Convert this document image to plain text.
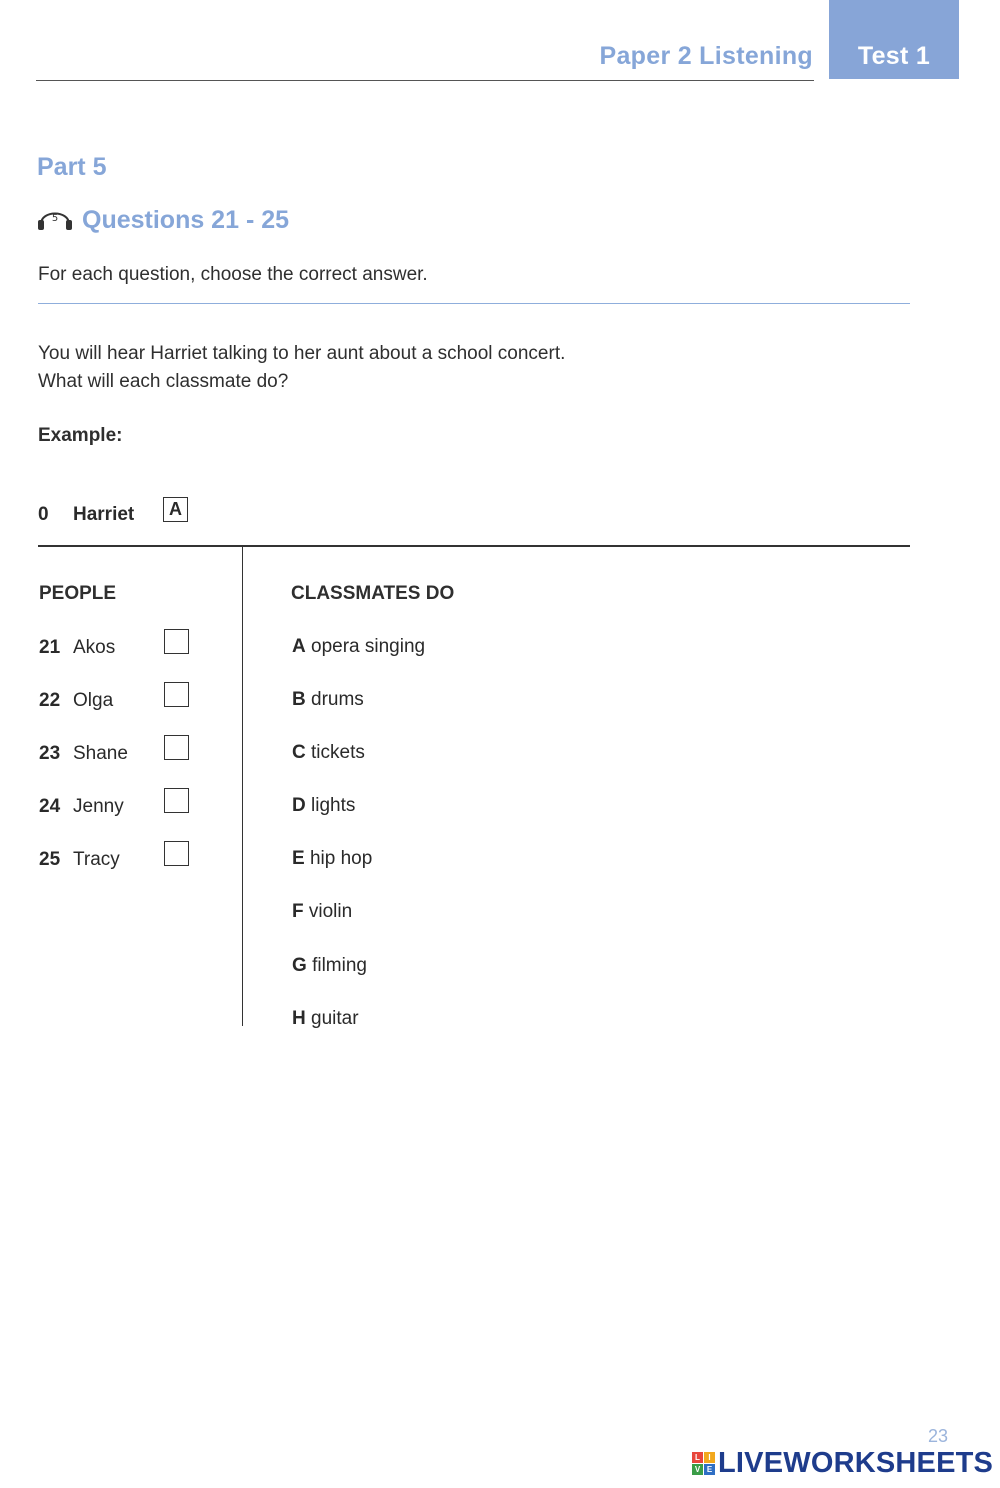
Paper 2 Listening	Test 1
Part 5
5 Questions 21 - 25
For each question, choose the correct answer.
You will hear Harriet talking to her aunt about a school concert.
What will each classmate do?
Example:
0 Harriet	A
PEOPLE	CLASSMATES DO
21 Akos
22 Olga
23 Shane
24 Jenny
25 Tracy
A opera singing
B drums
C tickets
D lights
E hip hop
F violin
G filming
H guitar
23
L	I
V E LIVEWORKSHEETS
